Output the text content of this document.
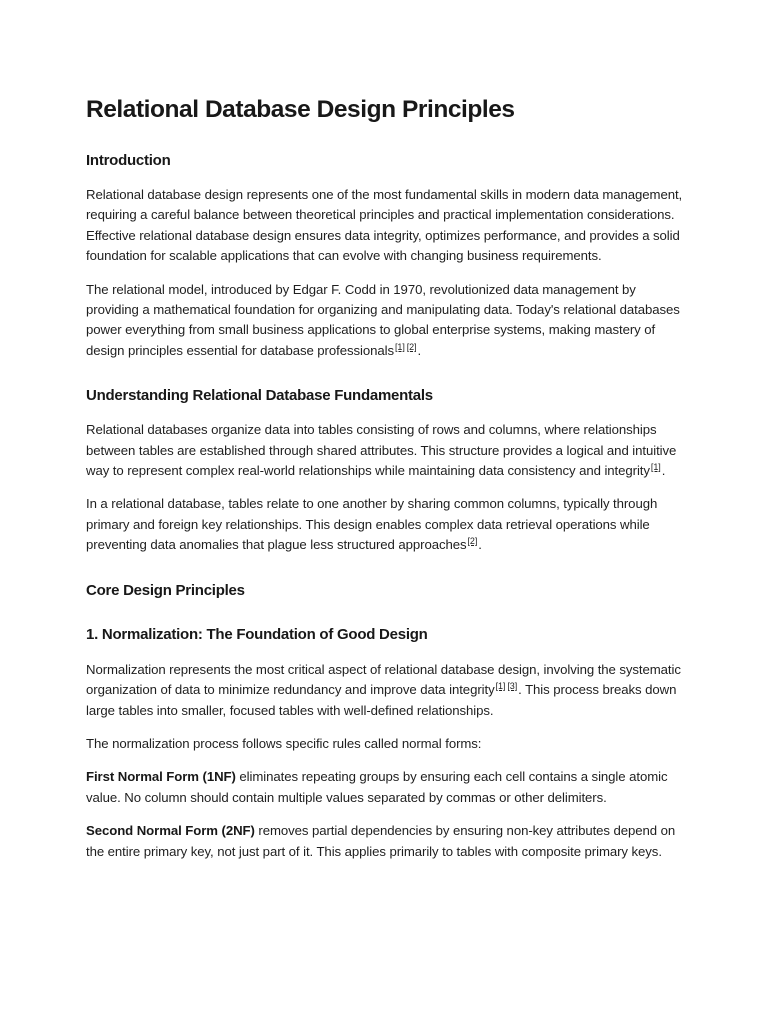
Relational Database Design Principles
Introduction

Relational database design represents one of the most fundamental skills in modern data management, requiring a careful balance between theoretical principles and practical implementation considerations. Effective relational database design ensures data integrity, optimizes performance, and provides a solid foundation for scalable applications that can evolve with changing business requirements.

The relational model, introduced by Edgar F. Codd in 1970, revolutionized data management by providing a mathematical foundation for organizing and manipulating data. Today's relational databases power everything from small business applications to global enterprise systems, making mastery of design principles essential for database professionals[1] [2].

Understanding Relational Database Fundamentals

Relational databases organize data into tables consisting of rows and columns, where relationships between tables are established through shared attributes. This structure provides a logical and intuitive way to represent complex real-world relationships while maintaining data consistency and integrity[1].

In a relational database, tables relate to one another by sharing common columns, typically through primary and foreign key relationships. This design enables complex data retrieval operations while preventing data anomalies that plague less structured approaches[2].

Core Design Principles
1. Normalization: The Foundation of Good Design

Normalization represents the most critical aspect of relational database design, involving the systematic organization of data to minimize redundancy and improve data integrity[1] [3]. This process breaks down large tables into smaller, focused tables with well-defined relationships.

The normalization process follows specific rules called normal forms:

First Normal Form (1NF) eliminates repeating groups by ensuring each cell contains a single atomic value. No column should contain multiple values separated by commas or other delimiters.

Second Normal Form (2NF) removes partial dependencies by ensuring non-key attributes depend on the entire primary key, not just part of it. This applies primarily to tables with composite primary keys.
